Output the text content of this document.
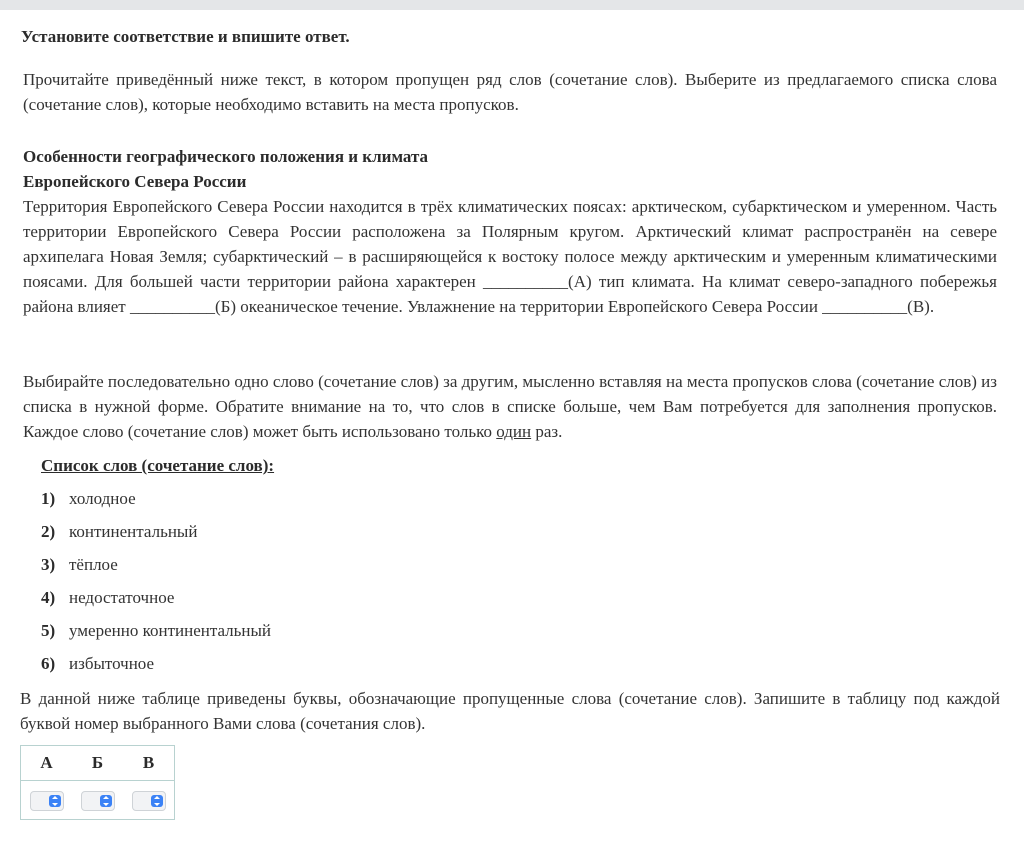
Установите соответствие и впишите ответ.

Прочитайте приведённый ниже текст, в котором пропущен ряд слов (сочетание слов). Выберите из предлагаемого списка слова (сочетание слов), которые необходимо вставить на места пропусков.

Особенности географического положения и климата
Европейского Севера России

Территория Европейского Севера России находится в трёх климатических поясах: арктическом, субарктическом и умеренном. Часть территории Европейского Севера России расположена за Полярным кругом. Арктический климат распространён на севере архипелага Новая Земля; субарктический – в расширяющейся к востоку полосе между арктическим и умеренным климатическими поясами. Для большей части территории района характерен __________(А) тип климата. На климат северо-западного побережья района влияет __________(Б) океаническое течение. Увлажнение на территории Европейского Севера России __________(В).

Выбирайте последовательно одно слово (сочетание слов) за другим, мысленно вставляя на места пропусков слова (сочетание слов) из списка в нужной форме. Обратите внимание на то, что слов в списке больше, чем Вам потребуется для заполнения пропусков. Каждое слово (сочетание слов) может быть использовано только один раз.

Список слов (сочетание слов):
1) холодное
2) континентальный
3) тёплое
4) недостаточное
5) умеренно континентальный
6) избыточное

В данной ниже таблице приведены буквы, обозначающие пропущенные слова (сочетание слов). Запишите в таблицу под каждой буквой номер выбранного Вами слова (сочетания слов).

А	Б	В
